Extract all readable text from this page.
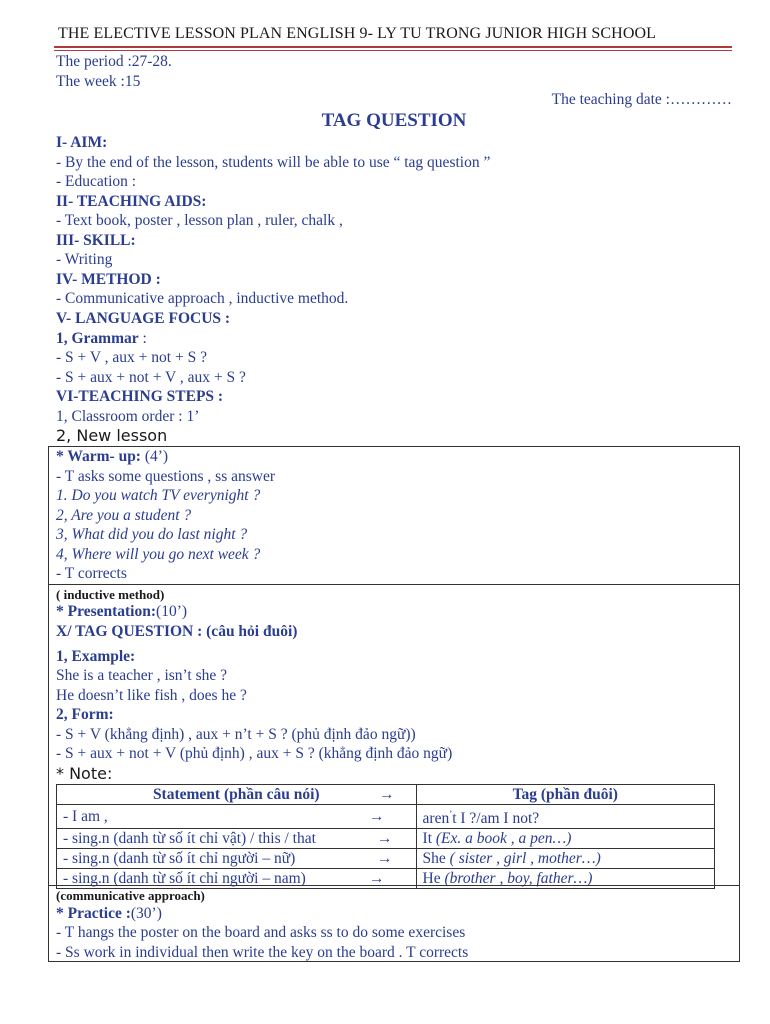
THE ELECTIVE LESSON PLAN ENGLISH 9- LY TU TRONG JUNIOR HIGH SCHOOL
The period :27-28.
The week :15
The teaching date :…………
TAG QUESTION
I- AIM:
- By the end of the lesson, students will be able to use “ tag question ”
- Education :
II- TEACHING AIDS:
- Text book, poster , lesson plan , ruler, chalk ,
III- SKILL:
- Writing
IV- METHOD :
- Communicative approach , inductive method.
V- LANGUAGE FOCUS :
1, Grammar :
- S + V , aux + not + S ?
- S + aux + not + V , aux + S ?
VI-TEACHING STEPS :
1, Classroom order : 1’
2, New lesson
* Warm- up: (4’)
- T asks some questions , ss answer
1. Do you watch TV everynight ?
2, Are you a student ?
3, What did you do last night ?
4, Where will you go next week ?
- T corrects
( inductive method)
* Presentation:(10’)
X/ TAG QUESTION : (câu hỏi đuôi)
1, Example:
She is a teacher , isn’t she ?
He doesn’t like fish , does he ?
2, Form:
- S + V (khẳng định) , aux + n’t + S ? (phủ định đảo ngữ))
- S + aux + not + V (phủ định) , aux + S ? (khẳng định đảo ngữ)
* Note:
Statement (phần câu nói) →	Tag (phần đuôi)
- I am , →	aren’t I ?/am I not?
- sing.n (danh từ số ít chỉ vật) / this / that →	It (Ex. a book , a pen…)
- sing.n (danh từ số ít chỉ người – nữ) →	She ( sister , girl , mother…)
- sing.n (danh từ số ít chỉ người – nam) →	He (brother , boy, father…)
(communicative approach)
* Practice :(30’)
- T hangs the poster on the board and asks ss to do some exercises
- Ss work in individual then write the key on the board . T corrects
